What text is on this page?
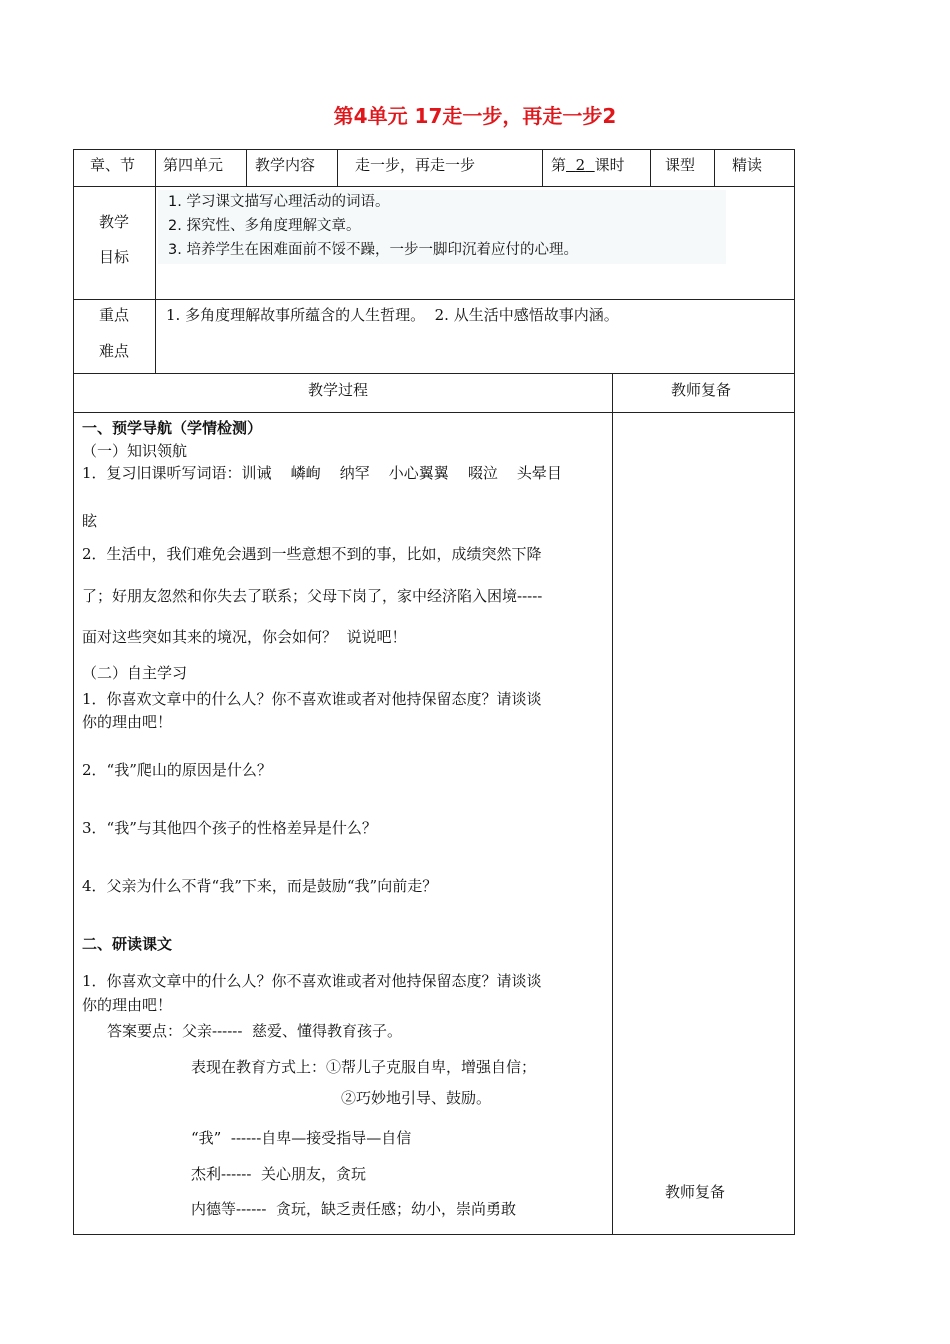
第4单元 17走一步，再走一步2
章、节 第四单元 教学内容	走一步，再走一步	第 2 课时	课型 精读
教学
目标
1. 学习课文描写心理活动的词语。
2. 探究性、多角度理解文章。
3. 培养学生在困难面前不馁不躁，一步一脚印沉着应付的心理。
重点
难点
1. 多角度理解故事所蕴含的人生哲理。  2. 从生活中感悟故事内涵。
教学过程	教师复备
一、预学导航（学情检测）
（一）知识领航
1．复习旧课听写词语：训诫    嶙峋    纳罕    小心翼翼    啜泣    头晕目
眩
2．生活中，我们难免会遇到一些意想不到的事，比如，成绩突然下降
了；好朋友忽然和你失去了联系；父母下岗了，家中经济陷入困境-----
面对这些突如其来的境况，你会如何？  说说吧！
（二）自主学习
1．你喜欢文章中的什么人？你不喜欢谁或者对他持保留态度？请谈谈
你的理由吧！
2．“我”爬山的原因是什么？
3．“我”与其他四个孩子的性格差异是什么？
4．父亲为什么不背“我”下来，而是鼓励“我”向前走？
二、研读课文
1．你喜欢文章中的什么人？你不喜欢谁或者对他持保留态度？请谈谈
你的理由吧！
答案要点：父亲------  慈爱、懂得教育孩子。
表现在教育方式上：①帮儿子克服自卑，增强自信；
②巧妙地引导、鼓励。
“我”  ------自卑—接受指导—自信
杰利------  关心朋友，贪玩
内德等------  贪玩，缺乏责任感；幼小，崇尚勇敢
教师复备
